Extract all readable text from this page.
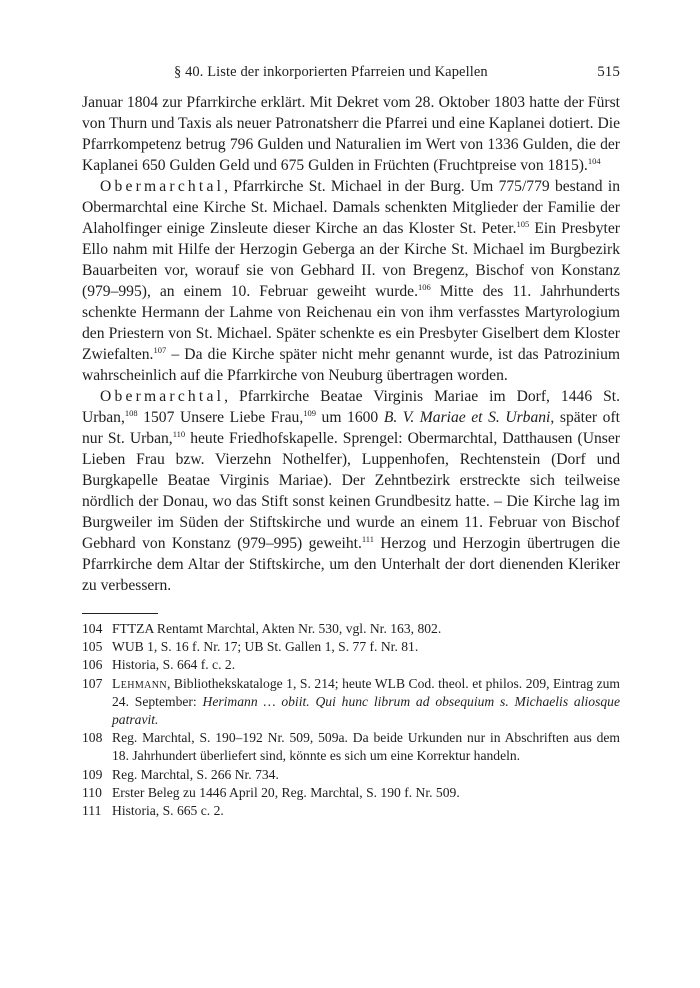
§ 40. Liste der inkorporierten Pfarreien und Kapellen	515

Januar 1804 zur Pfarrkirche erklärt. Mit Dekret vom 28. Oktober 1803 hatte der Fürst von Thurn und Taxis als neuer Patronatsherr die Pfarrei und eine Kaplanei dotiert. Die Pfarrkompetenz betrug 796 Gulden und Naturalien im Wert von 1336 Gulden, die der Kaplanei 650 Gulden Geld und 675 Gulden in Früchten (Fruchtpreise von 1815).$^{104}$

Obermarchtal, Pfarrkirche St. Michael in der Burg. Um 775/779 bestand in Obermarchtal eine Kirche St. Michael. Damals schenkten Mitglieder der Familie der Alaholfinger einige Zinsleute dieser Kirche an das Kloster St. Peter.$^{105}$ Ein Presbyter Ello nahm mit Hilfe der Herzogin Geberga an der Kirche St. Michael im Burgbezirk Bauarbeiten vor, worauf sie von Gebhard II. von Bregenz, Bischof von Konstanz (979–995), an einem 10. Februar geweiht wurde.$^{106}$ Mitte des 11. Jahrhunderts schenkte Hermann der Lahme von Reichenau ein von ihm verfasstes Martyrologium den Priestern von St. Michael. Später schenkte es ein Presbyter Giselbert dem Kloster Zwiefalten.$^{107}$ – Da die Kirche später nicht mehr genannt wurde, ist das Patrozinium wahrscheinlich auf die Pfarrkirche von Neuburg übertragen worden.

Obermarchtal, Pfarrkirche Beatae Virginis Mariae im Dorf, 1446 St. Urban,$^{108}$ 1507 Unsere Liebe Frau,$^{109}$ um 1600 B. V. Mariae et S. Urbani, später oft nur St. Urban,$^{110}$ heute Friedhofskapelle. Sprengel: Obermarchtal, Datthausen (Unser Lieben Frau bzw. Vierzehn Nothelfer), Luppenhofen, Rechtenstein (Dorf und Burgkapelle Beatae Virginis Mariae). Der Zehntbezirk erstreckte sich teilweise nördlich der Donau, wo das Stift sonst keinen Grundbesitz hatte. – Die Kirche lag im Burgweiler im Süden der Stiftskirche und wurde an einem 11. Februar von Bischof Gebhard von Konstanz (979–995) geweiht.$^{111}$ Herzog und Herzogin übertrugen die Pfarrkirche dem Altar der Stiftskirche, um den Unterhalt der dort dienenden Kleriker zu verbessern.

104 FTTZA Rentamt Marchtal, Akten Nr. 530, vgl. Nr. 163, 802.
105 WUB 1, S. 16 f. Nr. 17; UB St. Gallen 1, S. 77 f. Nr. 81.
106 Historia, S. 664 f. c. 2.
107 Lehmann, Bibliothekskataloge 1, S. 214; heute WLB Cod. theol. et philos. 209, Eintrag zum 24. September: Herimann … obiit. Qui hunc librum ad obsequium s. Michaelis aliosque patravit.
108 Reg. Marchtal, S. 190–192 Nr. 509, 509a. Da beide Urkunden nur in Abschriften aus dem 18. Jahrhundert überliefert sind, könnte es sich um eine Korrektur handeln.
109 Reg. Marchtal, S. 266 Nr. 734.
110 Erster Beleg zu 1446 April 20, Reg. Marchtal, S. 190 f. Nr. 509.
111 Historia, S. 665 c. 2.
